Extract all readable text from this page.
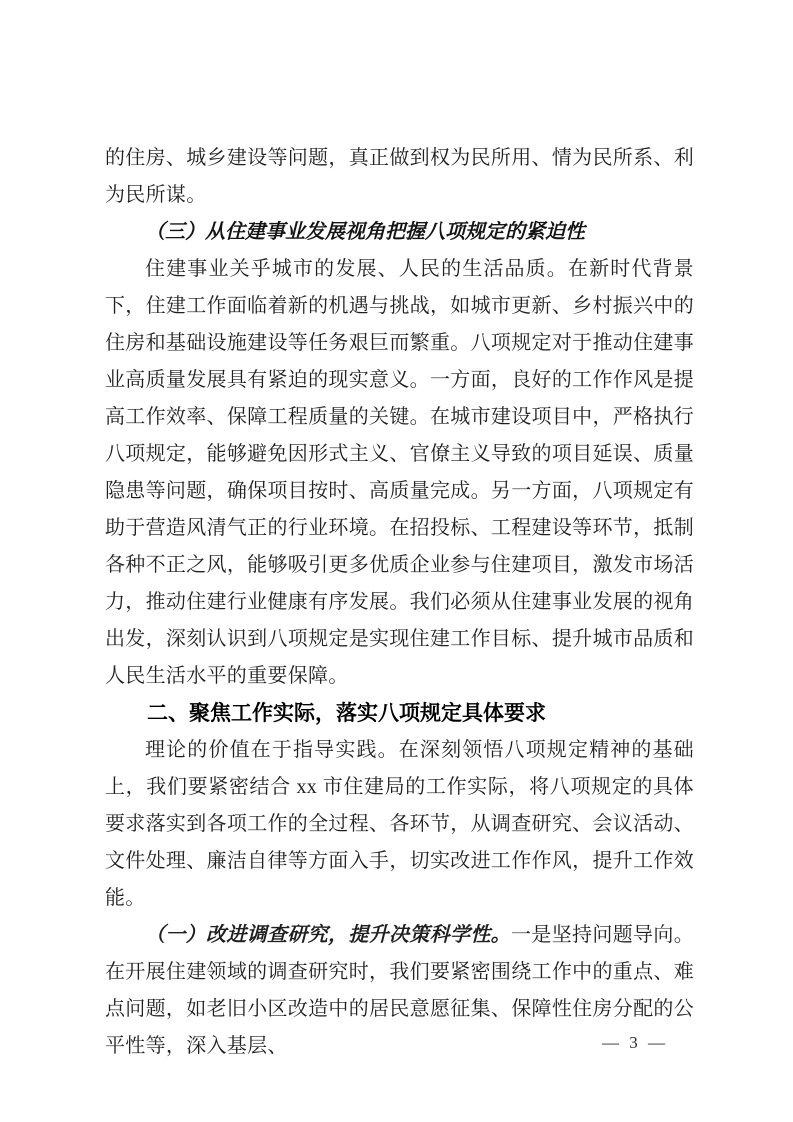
的住房、城乡建设等问题，真正做到权为民所用、情为民所系、利为民所谋。

（三）从住建事业发展视角把握八项规定的紧迫性

住建事业关乎城市的发展、人民的生活品质。在新时代背景下，住建工作面临着新的机遇与挑战，如城市更新、乡村振兴中的住房和基础设施建设等任务艰巨而繁重。八项规定对于推动住建事业高质量发展具有紧迫的现实意义。一方面，良好的工作作风是提高工作效率、保障工程质量的关键。在城市建设项目中，严格执行八项规定，能够避免因形式主义、官僚主义导致的项目延误、质量隐患等问题，确保项目按时、高质量完成。另一方面，八项规定有助于营造风清气正的行业环境。在招投标、工程建设等环节，抵制各种不正之风，能够吸引更多优质企业参与住建项目，激发市场活力，推动住建行业健康有序发展。我们必须从住建事业发展的视角出发，深刻认识到八项规定是实现住建工作目标、提升城市品质和人民生活水平的重要保障。

二、聚焦工作实际，落实八项规定具体要求

理论的价值在于指导实践。在深刻领悟八项规定精神的基础上，我们要紧密结合 xx 市住建局的工作实际，将八项规定的具体要求落实到各项工作的全过程、各环节，从调查研究、会议活动、文件处理、廉洁自律等方面入手，切实改进工作作风，提升工作效能。

（一）改进调查研究，提升决策科学性。一是坚持问题导向。在开展住建领域的调查研究时，我们要紧密围绕工作中的重点、难点问题，如老旧小区改造中的居民意愿征集、保障性住房分配的公平性等，深入基层、	— 3 —
